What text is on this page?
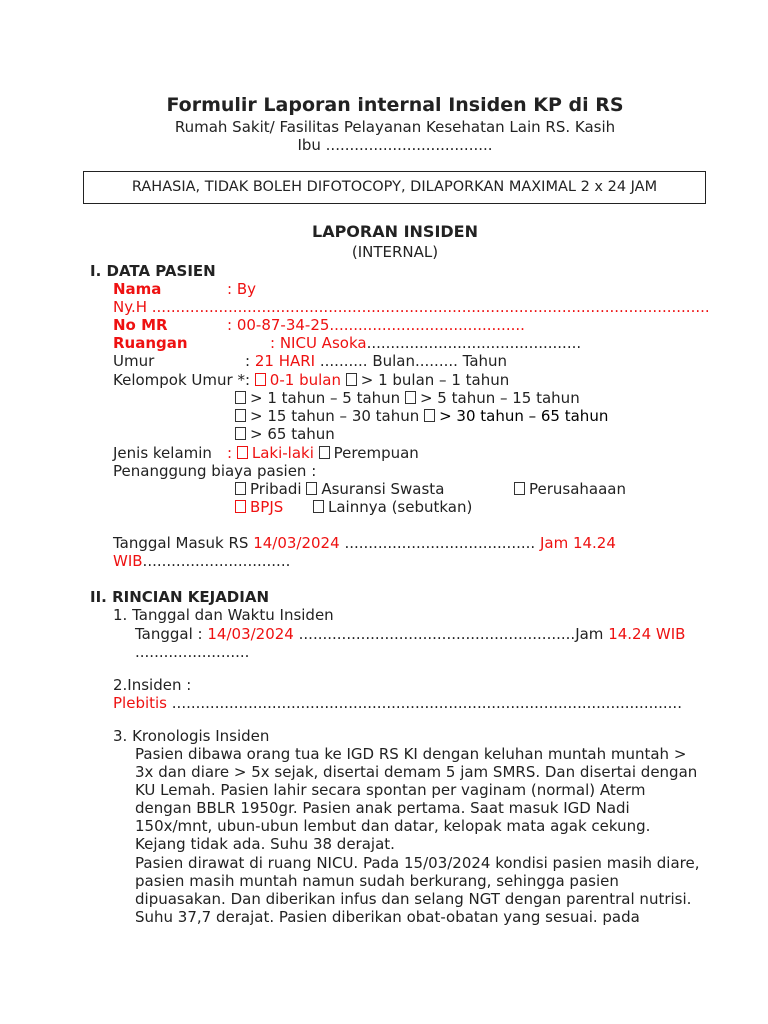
Formulir Laporan internal Insiden KP di RS
Rumah Sakit/ Fasilitas Pelayanan Kesehatan Lain RS. Kasih
Ibu ...................................
RAHASIA, TIDAK BOLEH DIFOTOCOPY, DILAPORKAN MAXIMAL 2 x 24 JAM
LAPORAN INSIDEN
(INTERNAL)
I. DATA PASIEN
Nama	: By
Ny.H .....................................................................................................................
No MR	: 00-87-34-25.........................................
Ruangan	: NICU Asoka.............................................
Umur	: 21 HARI .......... Bulan......... Tahun
Kelompok Umur *: 0-1 bulan > 1 bulan – 1 tahun
> 1 tahun – 5 tahun > 5 tahun – 15 tahun
> 15 tahun – 30 tahun > 30 tahun – 65 tahun
> 65 tahun
Jenis kelamin : Laki-laki Perempuan
Penanggung biaya pasien :
Pribadi Asuransi Swasta	Perusahaaan
BPJS	Lainnya (sebutkan)
Tanggal Masuk RS 14/03/2024 ........................................ Jam 14.24
WIB...............................
II. RINCIAN KEJADIAN
1. Tanggal dan Waktu Insiden
Tanggal : 14/03/2024 ..........................................................Jam 14.24 WIB
........................
2.Insiden :
Plebitis ...........................................................................................................
3. Kronologis Insiden
Pasien dibawa orang tua ke IGD RS KI dengan keluhan muntah muntah > 3x dan diare > 5x sejak, disertai demam 5 jam SMRS. Dan disertai dengan KU Lemah. Pasien lahir secara spontan per vaginam (normal) Aterm dengan BBLR 1950gr. Pasien anak pertama. Saat masuk IGD Nadi 150x/mnt, ubun-ubun lembut dan datar, kelopak mata agak cekung. Kejang tidak ada. Suhu 38 derajat.
Pasien dirawat di ruang NICU. Pada 15/03/2024 kondisi pasien masih diare, pasien masih muntah namun sudah berkurang, sehingga pasien dipuasakan. Dan diberikan infus dan selang NGT dengan parentral nutrisi. Suhu 37,7 derajat. Pasien diberikan obat-obatan yang sesuai. pada
